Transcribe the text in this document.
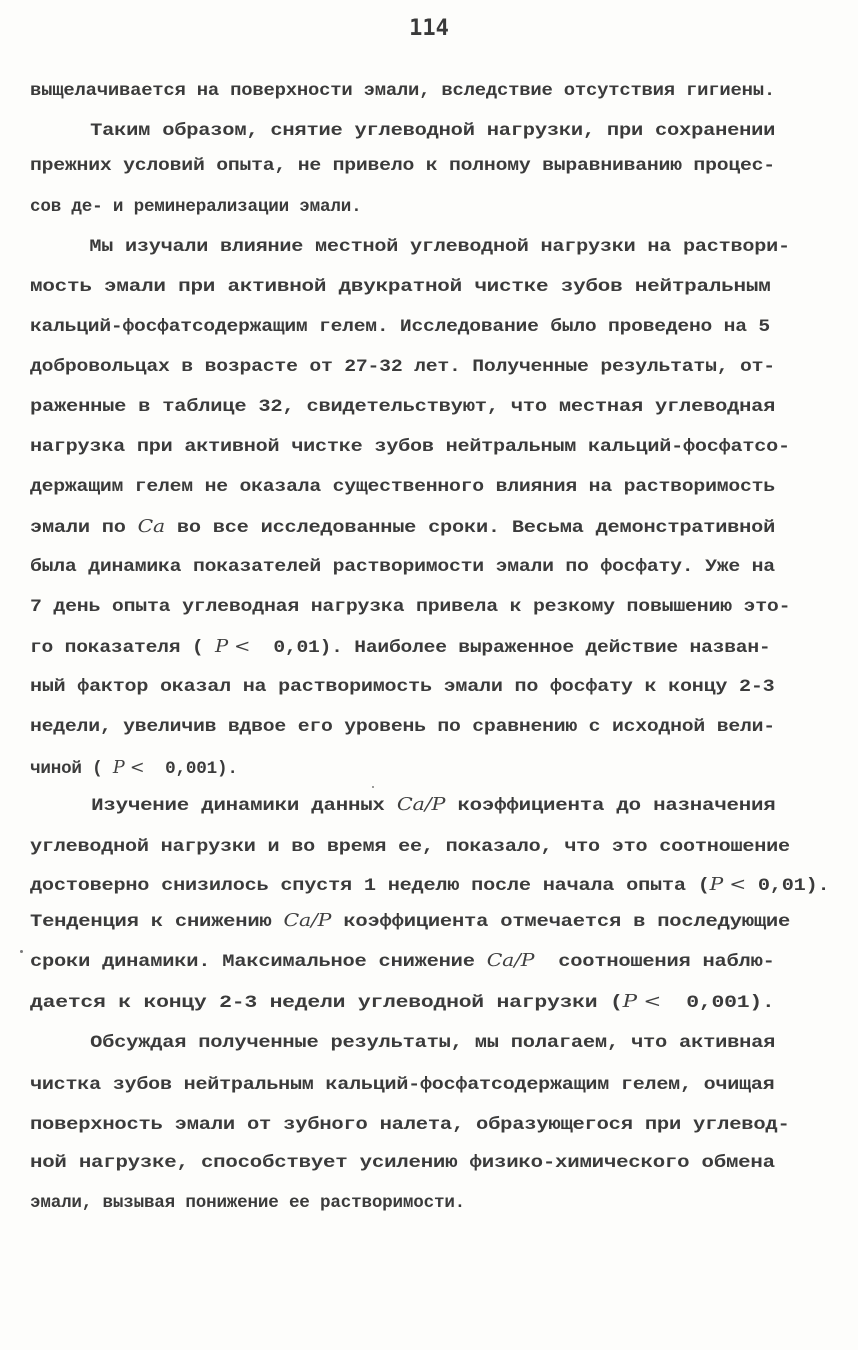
114
выщелачивается на поверхности эмали, вследствие отсутствия гигиены.
Таким образом, снятие углеводной нагрузки, при сохранении
прежних условий опыта, не привело к полному выравниванию процес-
сов де- и реминерализации эмали.
Мы изучали влияние местной углеводной нагрузки на раствори-
мость эмали при активной двукратной чистке зубов нейтральным
кальций-фосфатсодержащим гелем. Исследование было проведено на 5
добровольцах в возрасте от 27-32 лет. Полученные результаты, от-
раженные в таблице 32, свидетельствуют, что местная углеводная
нагрузка при активной чистке зубов нейтральным кальций-фосфатсо-
держащим гелем не оказала существенного влияния на растворимость
эмали по Ca во все исследованные сроки. Весьма демонстративной
была динамика показателей растворимости эмали по фосфату. Уже на
7 день опыта углеводная нагрузка привела к резкому повышению это-
го показателя ( P <  0,01). Наиболее выраженное действие назван-
ный фактор оказал на растворимость эмали по фосфату к концу 2-3
недели, увеличив вдвое его уровень по сравнению с исходной вели-
чиной ( P <  0,001).
Изучение динамики данных Ca/P коэффициента до назначения
углеводной нагрузки и во время ее, показало, что это соотношение
достоверно снизилось спустя 1 неделю после начала опыта (P < 0,01).
Тенденция к снижению Ca/P коэффициента отмечается в последующие
сроки динамики. Максимальное снижение Ca/P  соотношения наблю-
дается к концу 2-3 недели углеводной нагрузки (P <  0,001).
Обсуждая полученные результаты, мы полагаем, что активная
чистка зубов нейтральным кальций-фосфатсодержащим гелем, очищая
поверхность эмали от зубного налета, образующегося при углевод-
ной нагрузке, способствует усилению физико-химического обмена
эмали, вызывая понижение ее растворимости.
